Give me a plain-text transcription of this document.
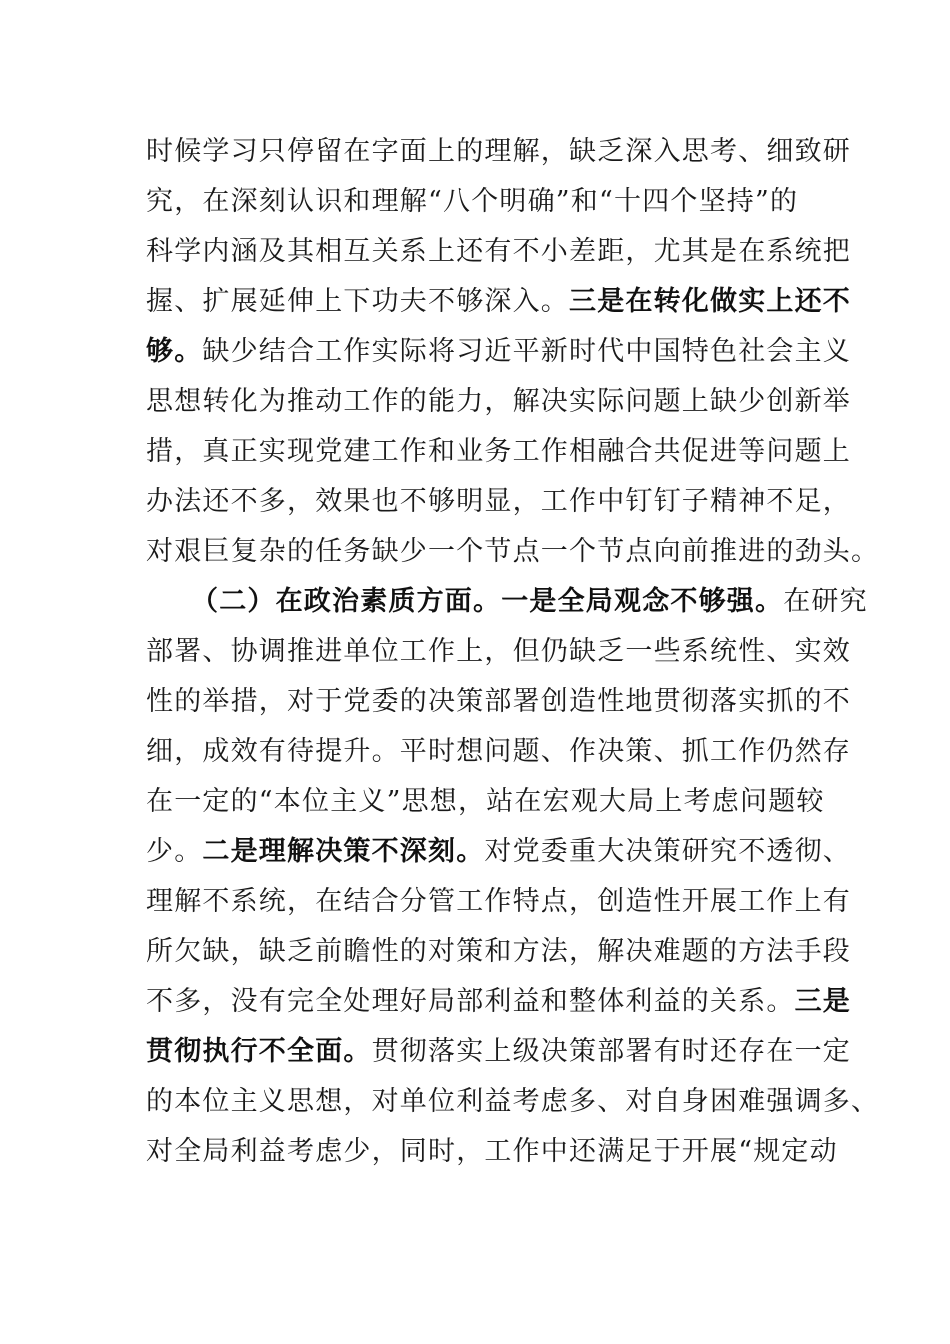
时候学习只停留在字面上的理解，缺乏深入思考、细致研
究，在深刻认识和理解“八个明确”和“十四个坚持”的
科学内涵及其相互关系上还有不小差距，尤其是在系统把
握、扩展延伸上下功夫不够深入。三是在转化做实上还不
够。缺少结合工作实际将习近平新时代中国特色社会主义
思想转化为推动工作的能力，解决实际问题上缺少创新举
措，真正实现党建工作和业务工作相融合共促进等问题上
办法还不多，效果也不够明显，工作中钉钉子精神不足，
对艰巨复杂的任务缺少一个节点一个节点向前推进的劲头。
（二）在政治素质方面。一是全局观念不够强。在研究
部署、协调推进单位工作上，但仍缺乏一些系统性、实效
性的举措，对于党委的决策部署创造性地贯彻落实抓的不
细，成效有待提升。平时想问题、作决策、抓工作仍然存
在一定的“本位主义”思想，站在宏观大局上考虑问题较
少。二是理解决策不深刻。对党委重大决策研究不透彻、
理解不系统，在结合分管工作特点，创造性开展工作上有
所欠缺，缺乏前瞻性的对策和方法，解决难题的方法手段
不多，没有完全处理好局部利益和整体利益的关系。三是
贯彻执行不全面。贯彻落实上级决策部署有时还存在一定
的本位主义思想，对单位利益考虑多、对自身困难强调多、
对全局利益考虑少，同时，工作中还满足于开展“规定动
